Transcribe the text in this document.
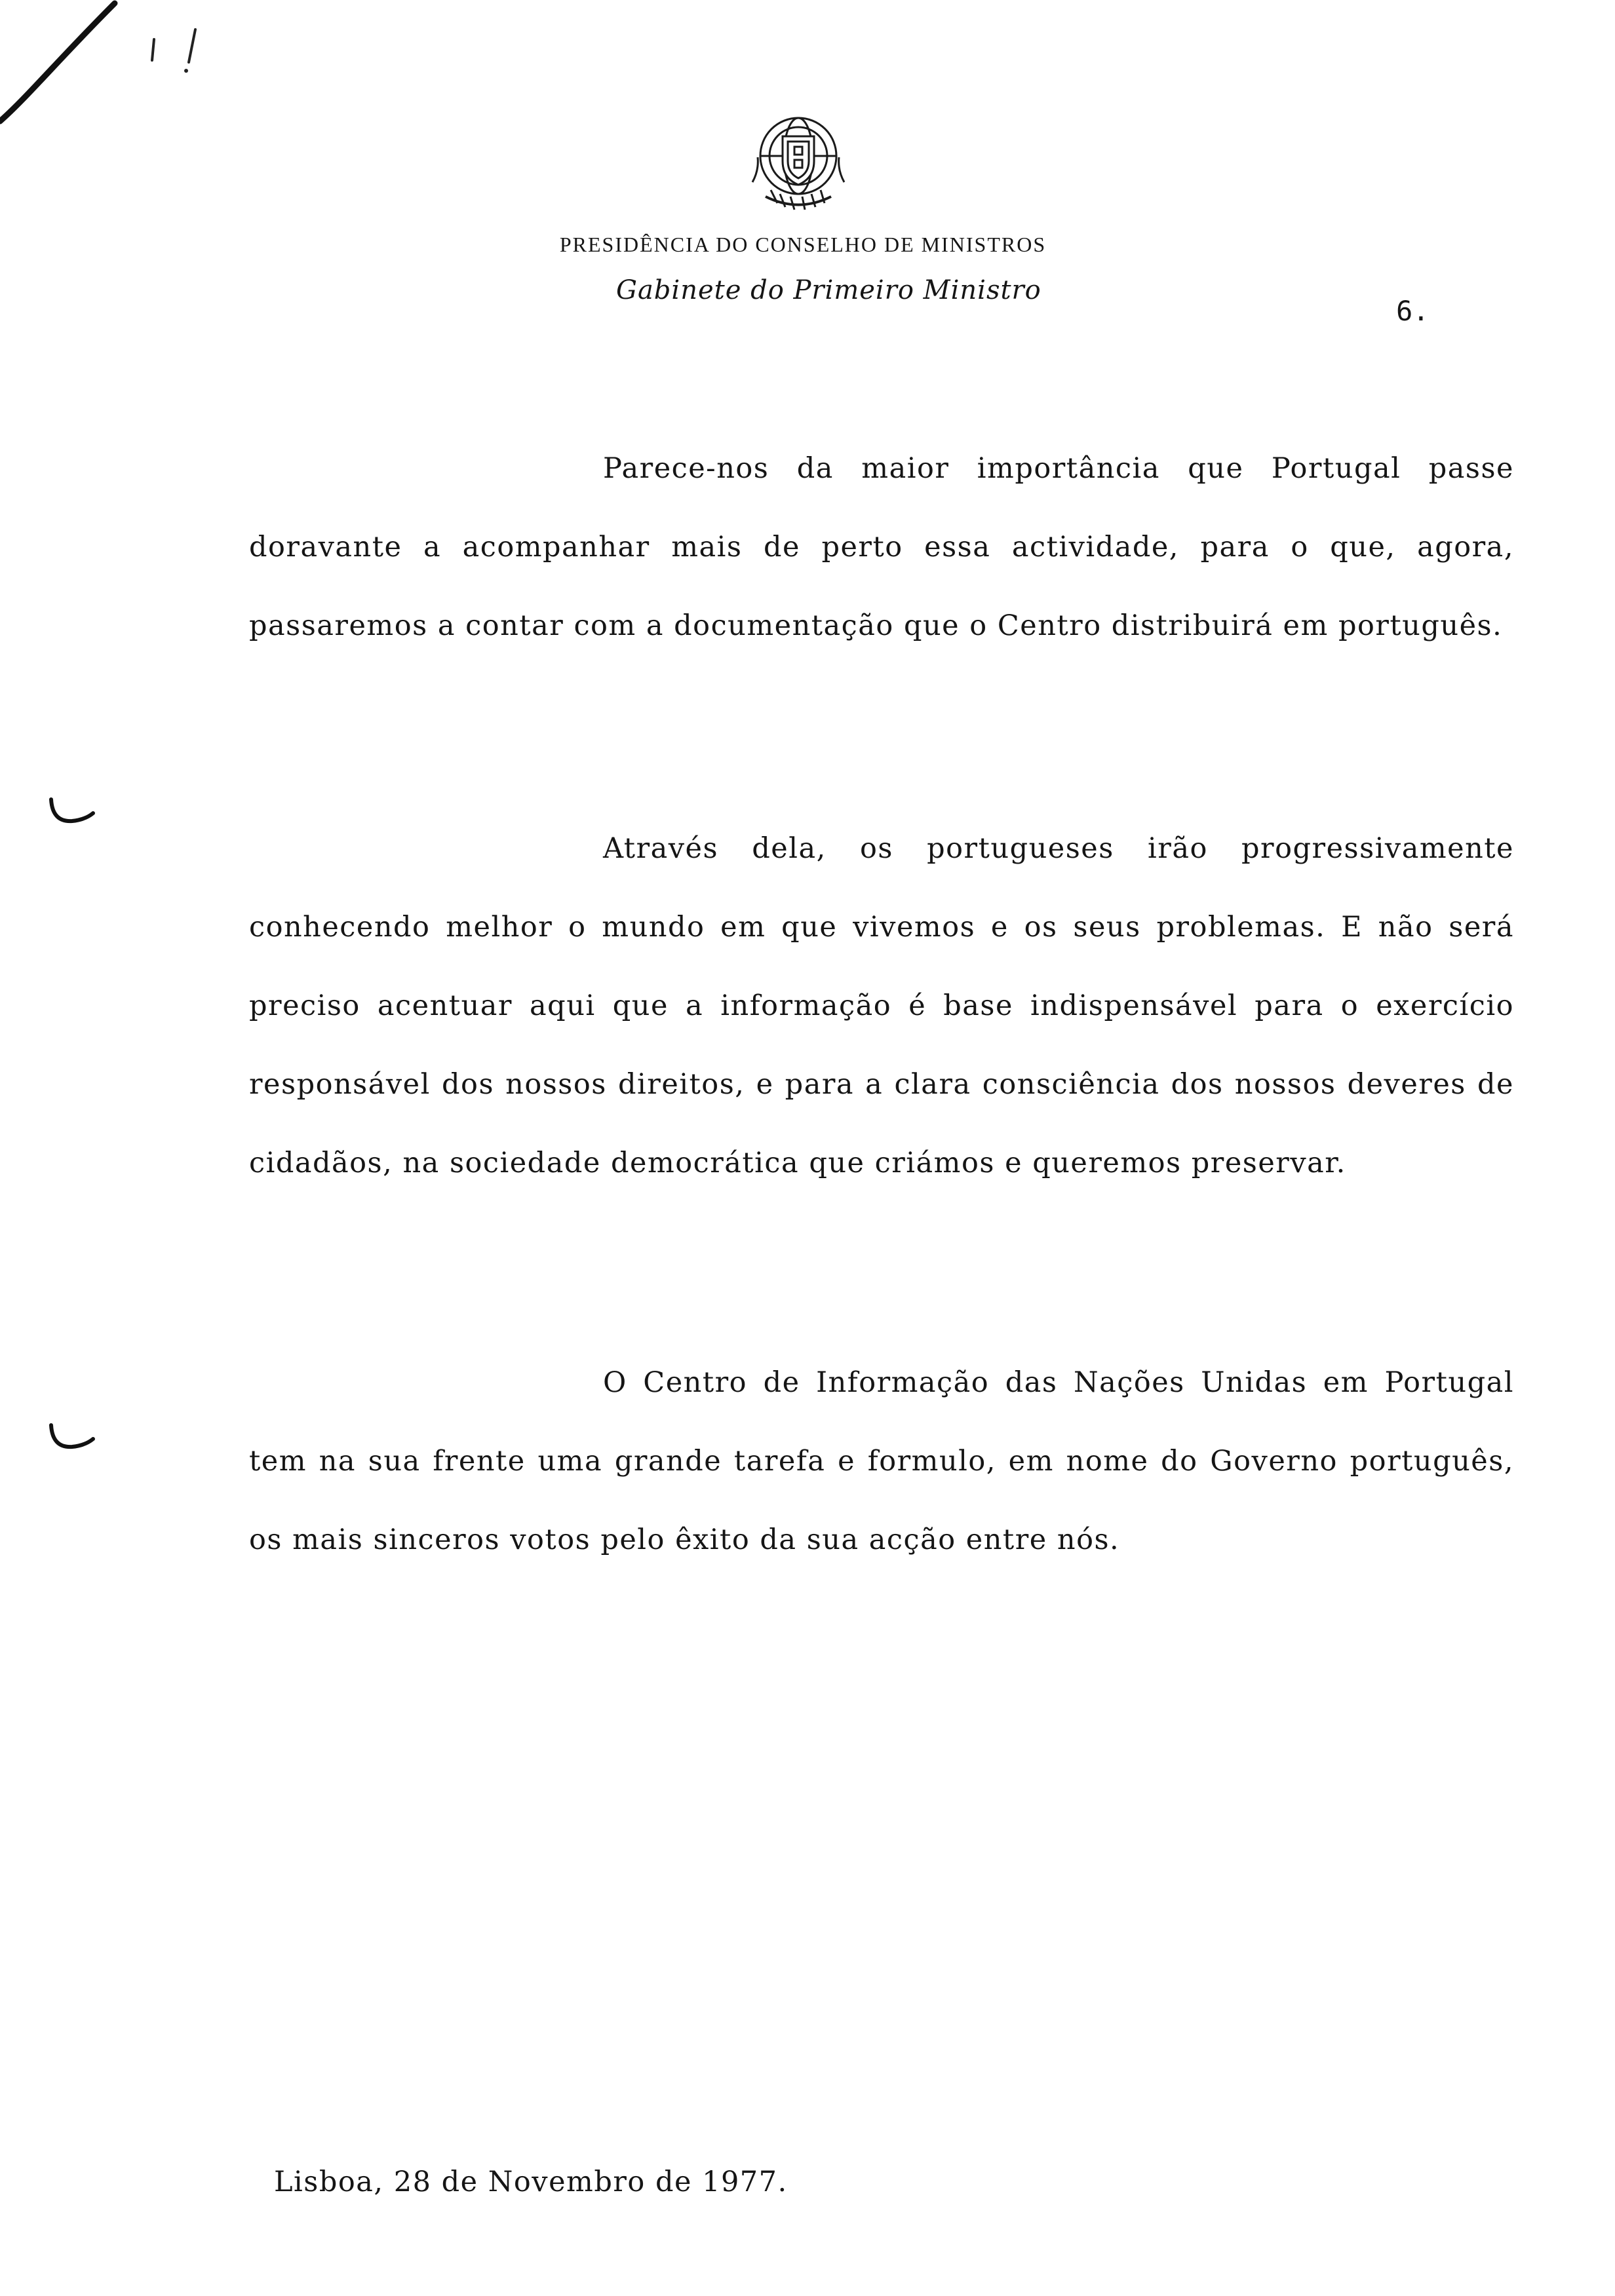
PRESIDÊNCIA DO CONSELHO DE MINISTROS
Gabinete do Primeiro Ministro
6.

Parece-nos da maior importância que Portugal passe doravante a acompanhar mais de perto essa actividade, para o que, agora, passaremos a contar com a documentação que o Centro distribuirá em português.

Através dela, os portugueses irão progressivamente conhecendo melhor o mundo em que vivemos e os seus problemas. E não será preciso acentuar aqui que a informação é base indispensável para o exercício responsável dos nossos direitos, e para a clara consciência dos nossos deveres de cidadãos, na sociedade democrática que criámos e queremos preservar.

O Centro de Informação das Nações Unidas em Portugal tem na sua frente uma grande tarefa e formulo, em nome do Governo português, os mais sinceros votos pelo êxito da sua acção entre nós.

Lisboa, 28 de Novembro de 1977.
